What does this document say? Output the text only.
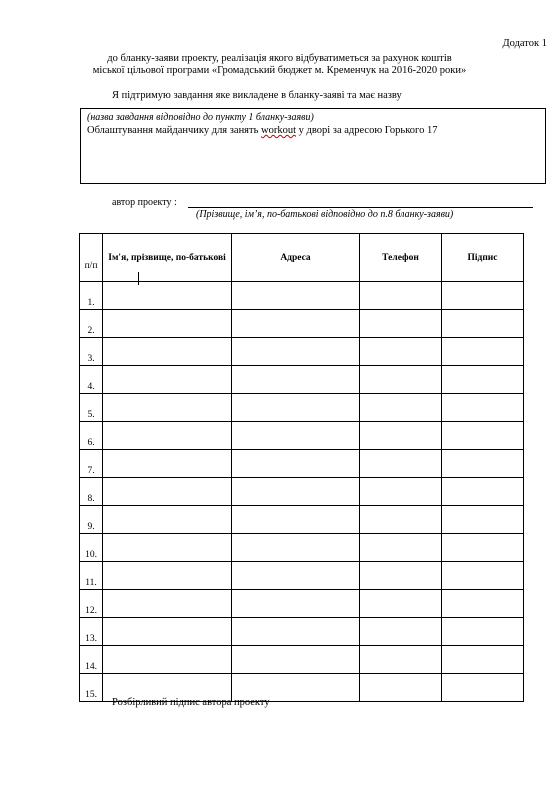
Додаток 1
до бланку-заяви проекту, реалізація якого відбуватиметься за рахунок коштів
міської цільової програми «Громадський бюджет м. Кременчук на 2016-2020 роки»
Я підтримую завдання яке викладене в бланку-заяві та має назву
(назва завдання відповідно до пункту 1 бланку-заяви)
Облаштування майданчику для занять workout у дворі за адресою Горького 17
автор проекту :
(Прізвище, ім’я, по-батькові відповідно до п.8 бланку-заяви)
п/п	Ім'я, прізвище, по-батькові	Адреса	Телефон	Підпис
1.				
2.				
3.				
4.				
5.				
6.				
7.				
8.				
9.				
10.				
11.				
12.				
13.				
14.				
15.				
Розбірливий підпис автора проекту
